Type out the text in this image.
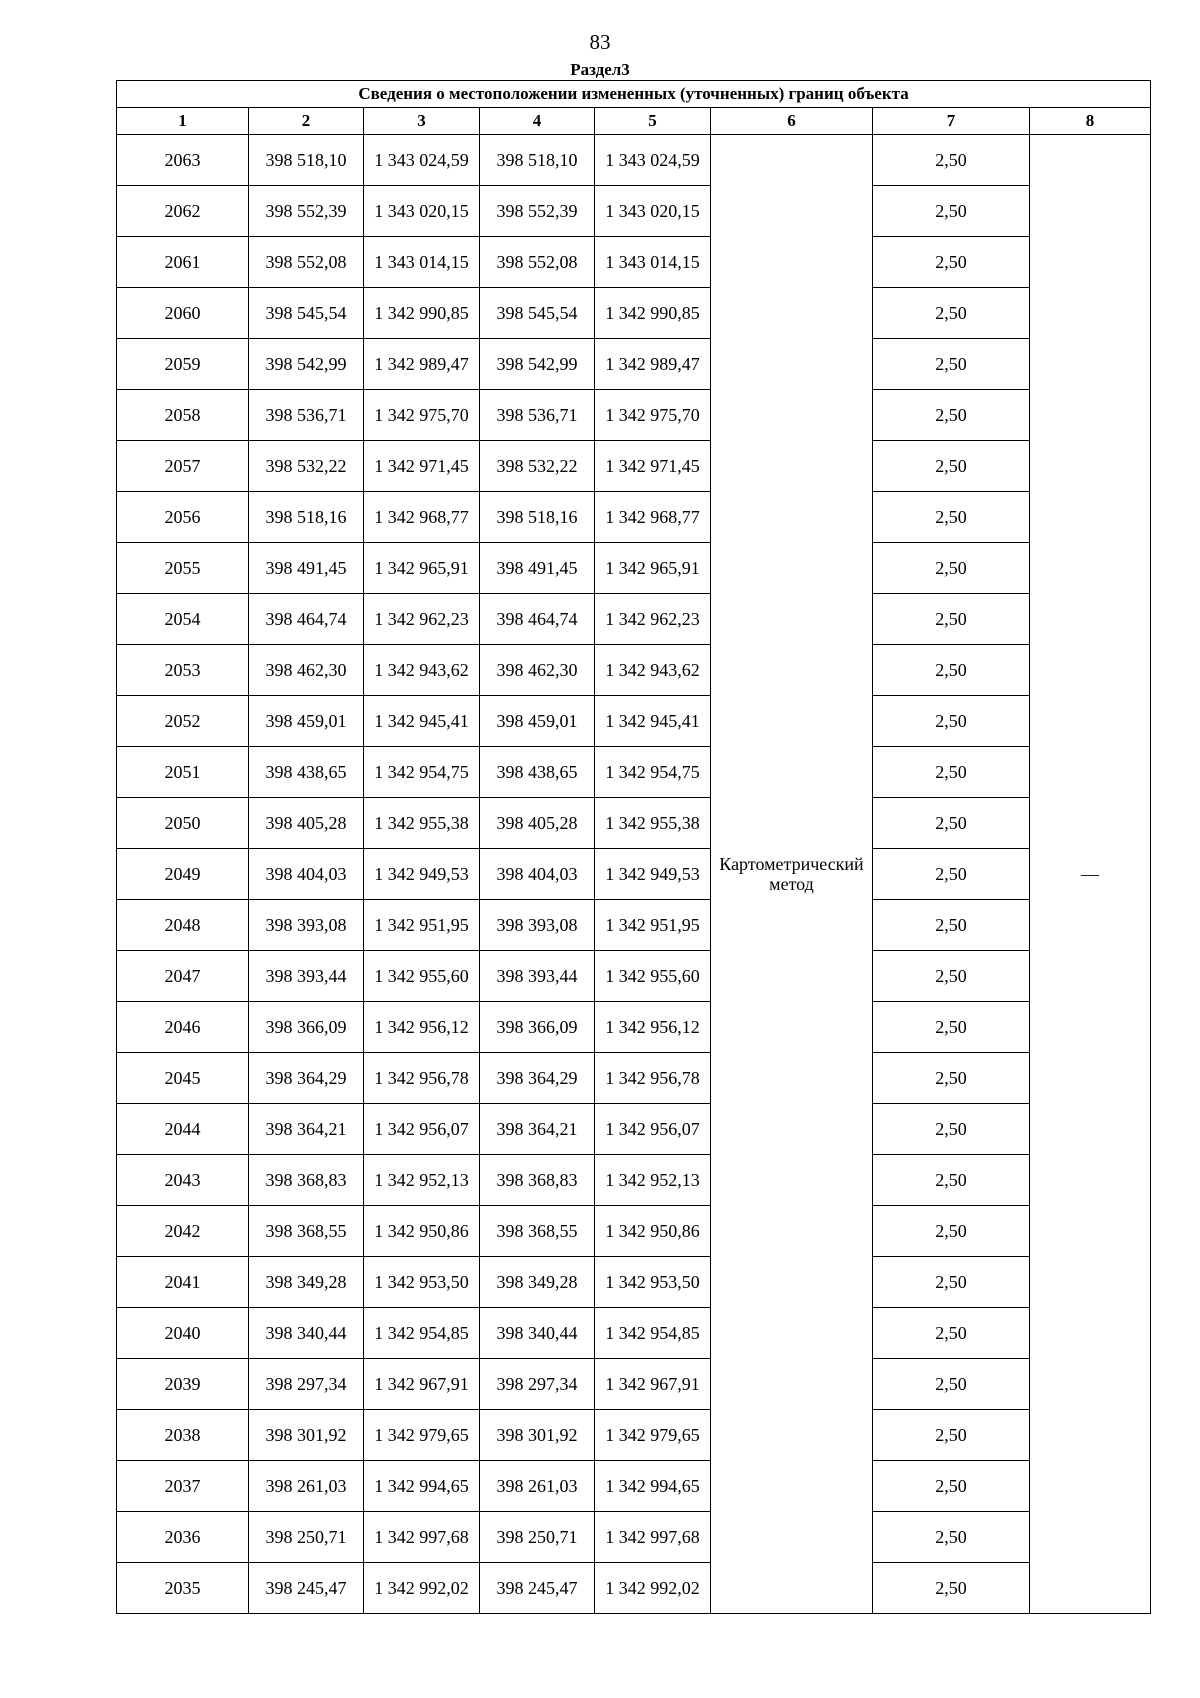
83
Раздел3
Сведения о местоположении измененных (уточненных) границ объекта							
1	2	3	4	5	6	7	8
2063	398 518,10	1 343 024,59	398 518,10	1 343 024,59	Картометрический метод	2,50	—
2062	398 552,39	1 343 020,15	398 552,39	1 343 020,15		2,50	
2061	398 552,08	1 343 014,15	398 552,08	1 343 014,15		2,50	
2060	398 545,54	1 342 990,85	398 545,54	1 342 990,85		2,50	
2059	398 542,99	1 342 989,47	398 542,99	1 342 989,47		2,50	
2058	398 536,71	1 342 975,70	398 536,71	1 342 975,70		2,50	
2057	398 532,22	1 342 971,45	398 532,22	1 342 971,45		2,50	
2056	398 518,16	1 342 968,77	398 518,16	1 342 968,77		2,50	
2055	398 491,45	1 342 965,91	398 491,45	1 342 965,91		2,50	
2054	398 464,74	1 342 962,23	398 464,74	1 342 962,23		2,50	
2053	398 462,30	1 342 943,62	398 462,30	1 342 943,62		2,50	
2052	398 459,01	1 342 945,41	398 459,01	1 342 945,41		2,50	
2051	398 438,65	1 342 954,75	398 438,65	1 342 954,75		2,50	
2050	398 405,28	1 342 955,38	398 405,28	1 342 955,38		2,50	
2049	398 404,03	1 342 949,53	398 404,03	1 342 949,53		2,50	
2048	398 393,08	1 342 951,95	398 393,08	1 342 951,95		2,50	
2047	398 393,44	1 342 955,60	398 393,44	1 342 955,60		2,50	
2046	398 366,09	1 342 956,12	398 366,09	1 342 956,12		2,50	
2045	398 364,29	1 342 956,78	398 364,29	1 342 956,78		2,50	
2044	398 364,21	1 342 956,07	398 364,21	1 342 956,07		2,50	
2043	398 368,83	1 342 952,13	398 368,83	1 342 952,13		2,50	
2042	398 368,55	1 342 950,86	398 368,55	1 342 950,86		2,50	
2041	398 349,28	1 342 953,50	398 349,28	1 342 953,50		2,50	
2040	398 340,44	1 342 954,85	398 340,44	1 342 954,85		2,50	
2039	398 297,34	1 342 967,91	398 297,34	1 342 967,91		2,50	
2038	398 301,92	1 342 979,65	398 301,92	1 342 979,65		2,50	
2037	398 261,03	1 342 994,65	398 261,03	1 342 994,65		2,50	
2036	398 250,71	1 342 997,68	398 250,71	1 342 997,68		2,50	
2035	398 245,47	1 342 992,02	398 245,47	1 342 992,02		2,50	
